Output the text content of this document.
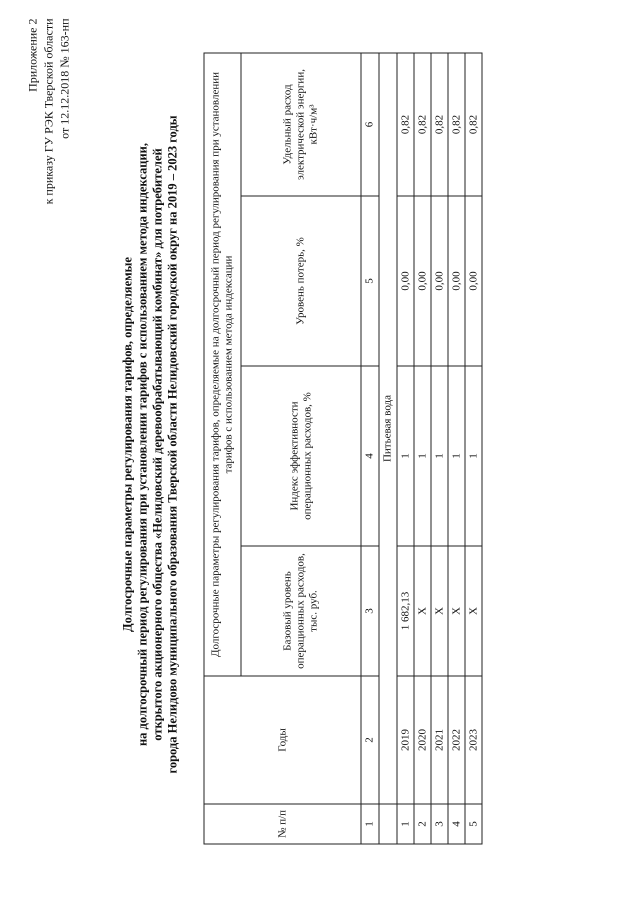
Приложение 2 к приказу ГУ РЭК Тверской области от 12.12.2018 № 163-нп
Долгосрочные параметры регулирования тарифов, определяемые на долгосрочный период регулирования при установлении тарифов с использованием метода индексации, открытого акционерного общества «Нелидовский деревообрабатывающий комбинат» для потребителей города Нелидово муниципального образования Тверской области Нелидовский городской округ на 2019 – 2023 годы
№ п/п	Годы	Долгосрочные параметры регулирования тарифов, определяемые на долгосрочный период регулирования при установлении тарифов с использованием метода индексации			
		Базовый уровень операционных расходов, тыс. руб.	Индекс эффективности операционных расходов, %	Уровень потерь, %	Удельный расход электрической энергии, кВт·ч/м³
1	2	3	4	5	6
	Питьевая вода				
1	2019	1 682,13	1	0,00	0,82
2	2020	X	1	0,00	0,82
3	2021	X	1	0,00	0,82
4	2022	X	1	0,00	0,82
5	2023	X	1	0,00	0,82
